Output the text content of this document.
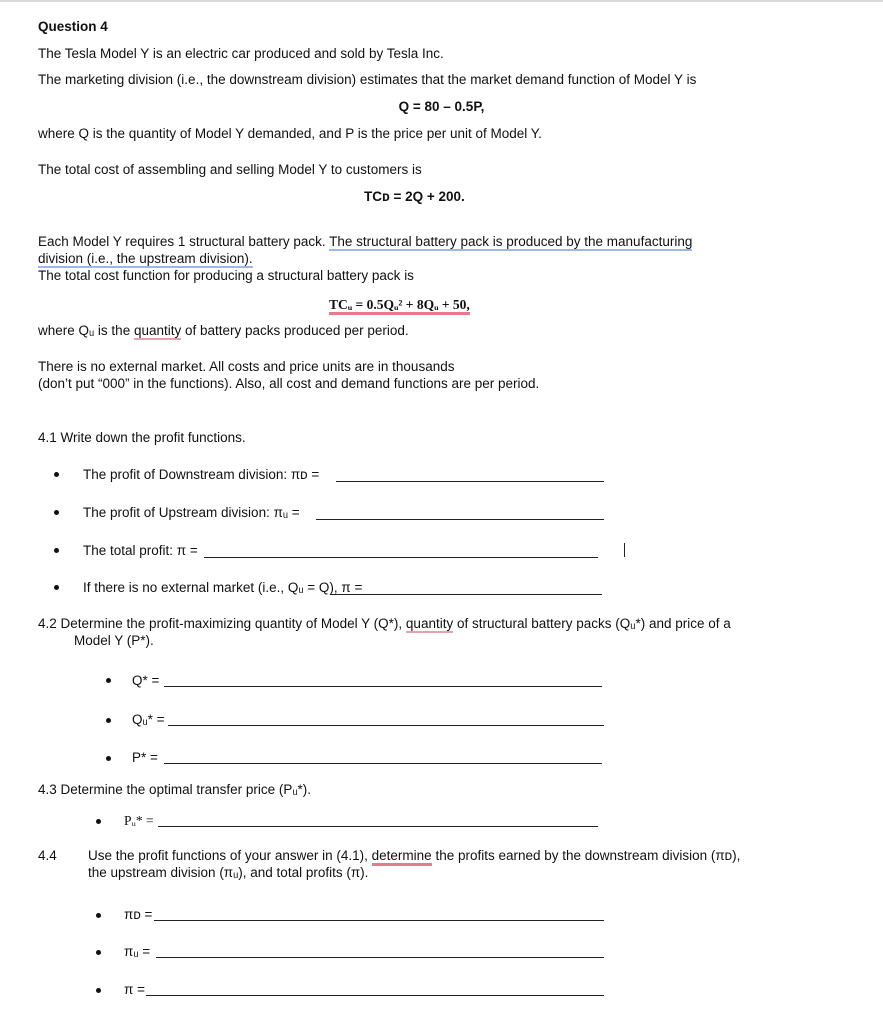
Question 4
The Tesla Model Y is an electric car produced and sold by Tesla Inc.
The marketing division (i.e., the downstream division) estimates that the market demand function of Model Y is
Q = 80 – 0.5P,
where Q is the quantity of Model Y demanded, and P is the price per unit of Model Y.
The total cost of assembling and selling Model Y to customers is
TCᴅ = 2Q + 200.
Each Model Y requires 1 structural battery pack. The structural battery pack is produced by the manufacturing
division (i.e., the upstream division).
The total cost function for producing a structural battery pack is
TCᵤ = 0.5Qᵤ² + 8Qᵤ + 50,
where Qᵤ is the quantity of battery packs produced per period.
There is no external market. All costs and price units are in thousands
(don’t put “000” in the functions). Also, all cost and demand functions are per period.
4.1 Write down the profit functions.
The profit of Downstream division: πᴅ =
The profit of Upstream division: πᵤ =
The total profit: π =
If there is no external market (i.e., Qᵤ = Q), π =
4.2 Determine the profit-maximizing quantity of Model Y (Q*), quantity of structural battery packs (Qᵤ*) and price of a
Model Y (P*).
Q* =
Qᵤ* =
P* =
4.3 Determine the optimal transfer price (Pᵤ*).
Pᵤ* =
4.4 Use the profit functions of your answer in (4.1), determine the profits earned by the downstream division (πᴅ),
the upstream division (πᵤ), and total profits (π).
πᴅ =
πᵤ =
π =
